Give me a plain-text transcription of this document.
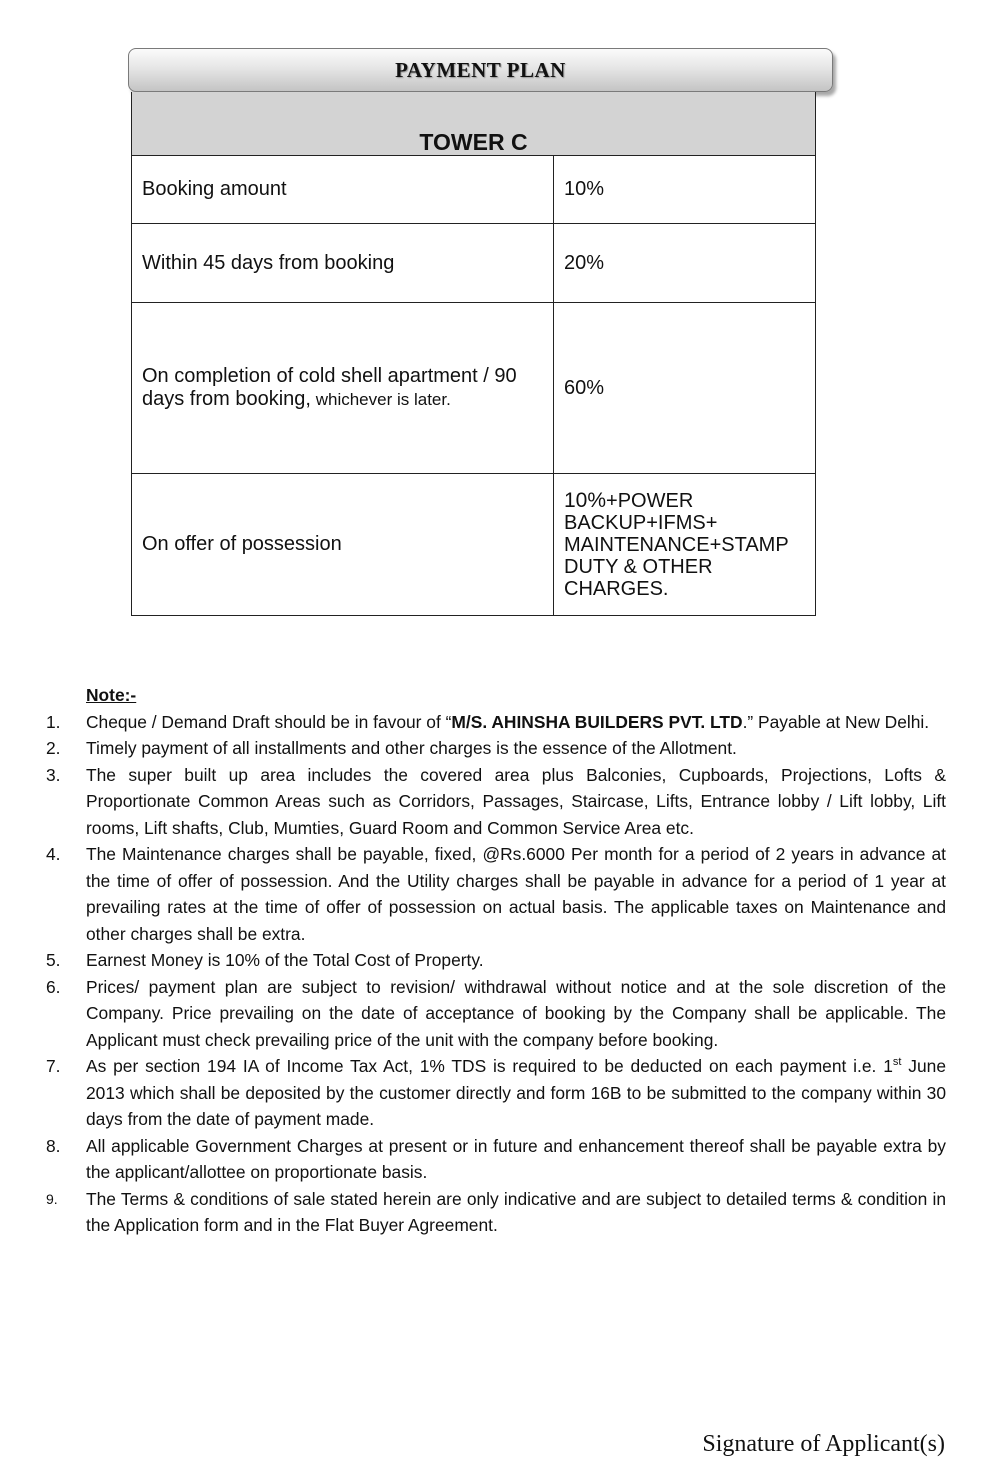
PAYMENT PLAN
TOWER C	
Booking amount	10%
Within 45 days from booking	20%
On completion of cold shell apartment / 90 days from booking, whichever is later.	60%
On offer of possession	10%+POWER BACKUP+IFMS+ MAINTENANCE+STAMP DUTY & OTHER CHARGES.
Note:-
1.	Cheque / Demand Draft should be in favour of “M/S. AHINSHA BUILDERS PVT. LTD.” Payable at New Delhi.
2.	Timely payment of all installments and other charges is the essence of the Allotment.
3.	The super built up area includes the covered area plus Balconies, Cupboards, Projections, Lofts & Proportionate Common Areas such as Corridors, Passages, Staircase, Lifts, Entrance lobby / Lift lobby, Lift rooms, Lift shafts, Club, Mumties, Guard Room and Common Service Area etc.
4.	The Maintenance charges shall be payable, fixed, @Rs.6000 Per month for a period of 2 years in advance at the time of offer of possession. And the Utility charges shall be payable in advance for a period of 1 year at prevailing rates at the time of offer of possession on actual basis. The applicable taxes on Maintenance and other charges shall be extra.
5.	Earnest Money is 10% of the Total Cost of Property.
6.	Prices/ payment plan are subject to revision/ withdrawal without notice and at the sole discretion of the Company. Price prevailing on the date of acceptance of booking by the Company shall be applicable. The Applicant must check prevailing price of the unit with the company before booking.
7.	As per section 194 IA of Income Tax Act, 1% TDS is required to be deducted on each payment i.e. 1st June 2013 which shall be deposited by the customer directly and form 16B to be submitted to the company within 30 days from the date of payment made.
8.	All applicable Government Charges at present or in future and enhancement thereof shall be payable extra by the applicant/allottee on proportionate basis.
9.	The Terms & conditions of sale stated herein are only indicative and are subject to detailed terms & condition in the Application form and in the Flat Buyer Agreement.
Signature of Applicant(s)
